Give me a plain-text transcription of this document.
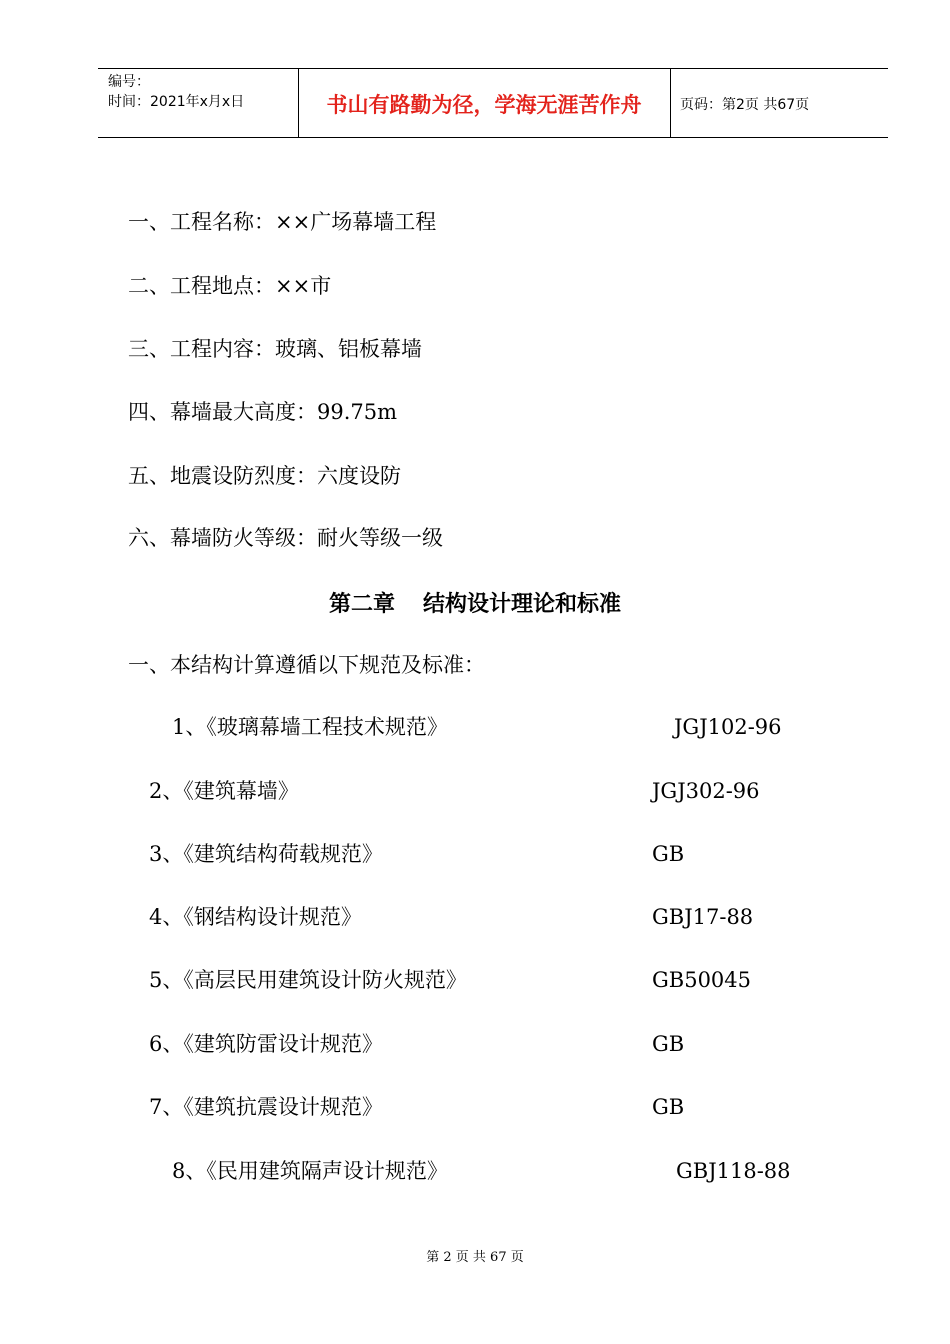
编号：
时间：2021年x月x日	书山有路勤为径，学海无涯苦作舟	页码：第2页 共67页
一、工程名称：××广场幕墙工程
二、工程地点：××市
三、工程内容：玻璃、铝板幕墙
四、幕墙最大高度：99.75m
五、地震设防烈度：六度设防
六、幕墙防火等级：耐火等级一级
第二章 结构设计理论和标准
一、本结构计算遵循以下规范及标准：
1、《玻璃幕墙工程技术规范》	JGJ102-96
2、《建筑幕墙》	JGJ302-96
3、《建筑结构荷载规范》	GB
4、《钢结构设计规范》	GBJ17-88
5、《高层民用建筑设计防火规范》	GB50045
6、《建筑防雷设计规范》	GB
7、《建筑抗震设计规范》	GB
8、《民用建筑隔声设计规范》	GBJ118-88
第 2 页 共 67 页
